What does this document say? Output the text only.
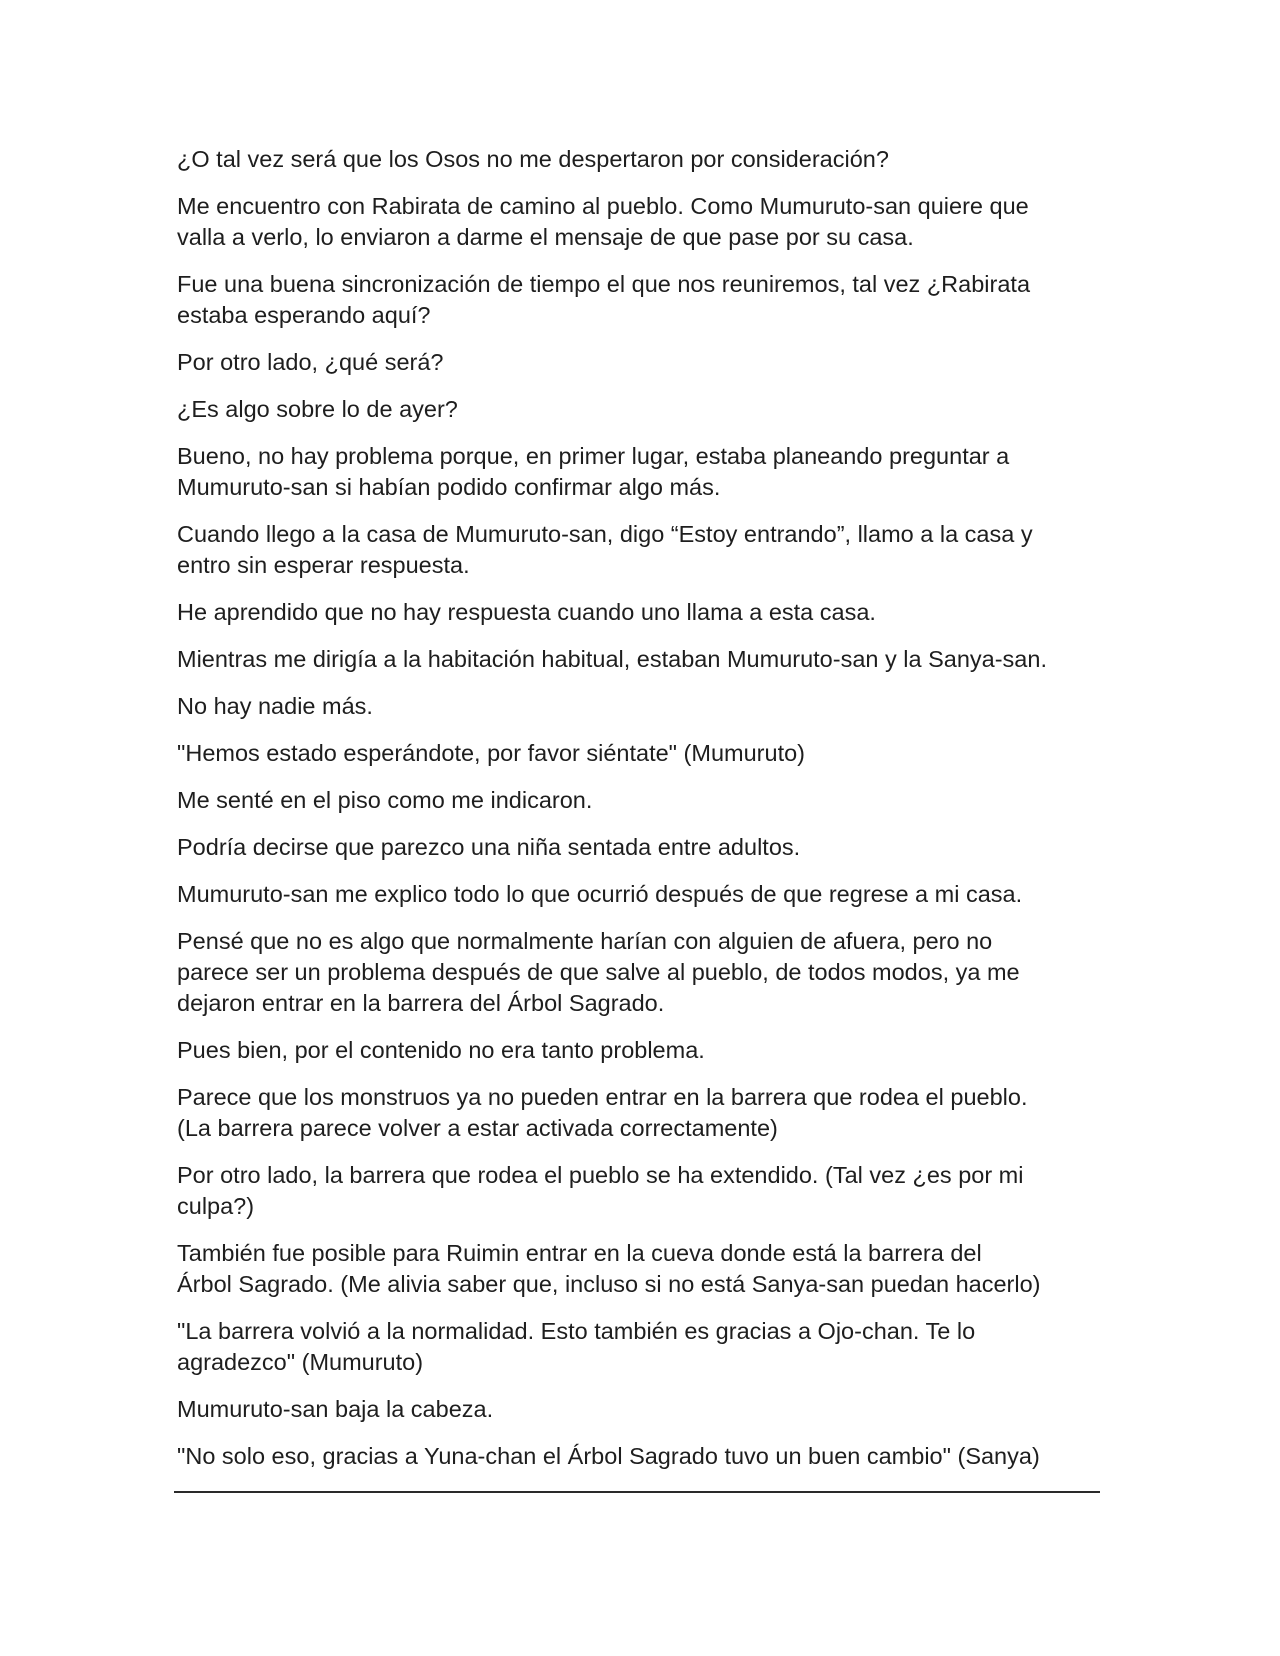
¿O tal vez será que los Osos no me despertaron por consideración?

Me encuentro con Rabirata de camino al pueblo. Como Mumuruto-san quiere que
valla a verlo, lo enviaron a darme el mensaje de que pase por su casa.

Fue una buena sincronización de tiempo el que nos reuniremos, tal vez ¿Rabirata
estaba esperando aquí?

Por otro lado, ¿qué será?

¿Es algo sobre lo de ayer?

Bueno, no hay problema porque, en primer lugar, estaba planeando preguntar a
Mumuruto-san si habían podido confirmar algo más.

Cuando llego a la casa de Mumuruto-san, digo “Estoy entrando”, llamo a la casa y
entro sin esperar respuesta.

He aprendido que no hay respuesta cuando uno llama a esta casa.

Mientras me dirigía a la habitación habitual, estaban Mumuruto-san y la Sanya-san.

No hay nadie más.

"Hemos estado esperándote, por favor siéntate" (Mumuruto)

Me senté en el piso como me indicaron.

Podría decirse que parezco una niña sentada entre adultos.

Mumuruto-san me explico todo lo que ocurrió después de que regrese a mi casa.

Pensé que no es algo que normalmente harían con alguien de afuera, pero no
parece ser un problema después de que salve al pueblo, de todos modos, ya me
dejaron entrar en la barrera del Árbol Sagrado.

Pues bien, por el contenido no era tanto problema.

Parece que los monstruos ya no pueden entrar en la barrera que rodea el pueblo.
(La barrera parece volver a estar activada correctamente)

Por otro lado, la barrera que rodea el pueblo se ha extendido. (Tal vez ¿es por mi
culpa?)

También fue posible para Ruimin entrar en la cueva donde está la barrera del
Árbol Sagrado. (Me alivia saber que, incluso si no está Sanya-san puedan hacerlo)

"La barrera volvió a la normalidad. Esto también es gracias a Ojo-chan. Te lo
agradezco" (Mumuruto)

Mumuruto-san baja la cabeza.

"No solo eso, gracias a Yuna-chan el Árbol Sagrado tuvo un buen cambio" (Sanya)
